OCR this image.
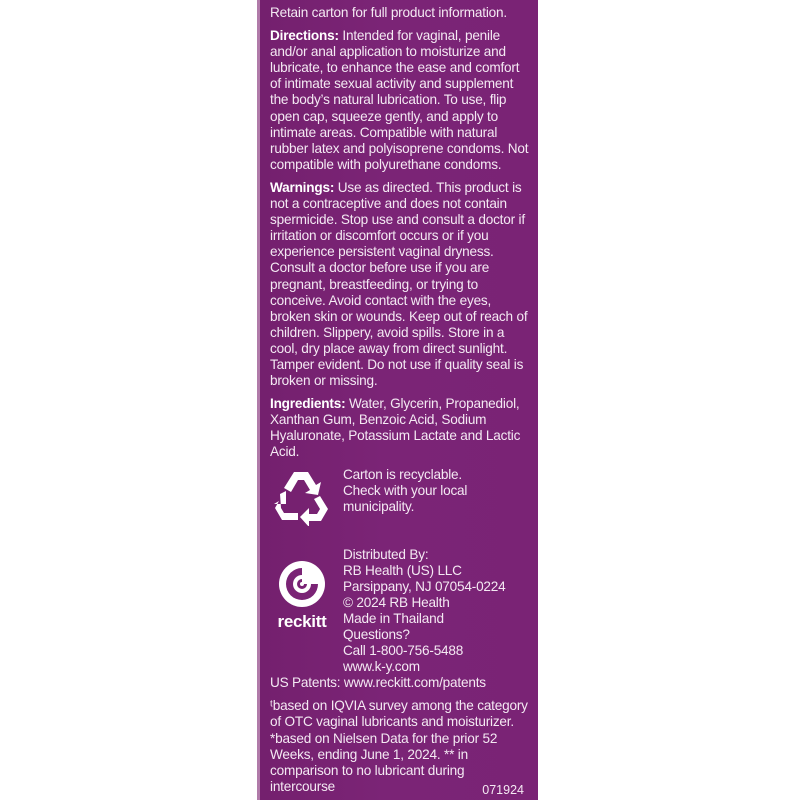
Retain carton for full product information.

Directions: Intended for vaginal, penile and/or anal application to moisturize and lubricate, to enhance the ease and comfort of intimate sexual activity and supplement the body’s natural lubrication. To use, flip open cap, squeeze gently, and apply to intimate areas. Compatible with natural rubber latex and polyisoprene condoms. Not compatible with polyurethane condoms.

Warnings: Use as directed. This product is not a contraceptive and does not contain spermicide. Stop use and consult a doctor if irritation or discomfort occurs or if you experience persistent vaginal dryness. Consult a doctor before use if you are pregnant, breastfeeding, or trying to conceive. Avoid contact with the eyes, broken skin or wounds. Keep out of reach of children. Slippery, avoid spills. Store in a cool, dry place away from direct sunlight. Tamper evident. Do not use if quality seal is broken or missing.

Ingredients: Water, Glycerin, Propanediol, Xanthan Gum, Benzoic Acid, Sodium Hyaluronate, Potassium Lactate and Lactic Acid.

Carton is recyclable.
Check with your local
municipality.
reckitt
Distributed By:
RB Health (US) LLC
Parsippany, NJ 07054-0224
© 2024 RB Health
Made in Thailand
Questions?
Call 1-800-756-5488
www.k-y.com

US Patents: www.reckitt.com/patents

ᵗbased on IQVIA survey among the category of OTC vaginal lubricants and moisturizer. *based on Nielsen Data for the prior 52 Weeks, ending June 1, 2024. ** in comparison to no lubricant during intercourse	071924
